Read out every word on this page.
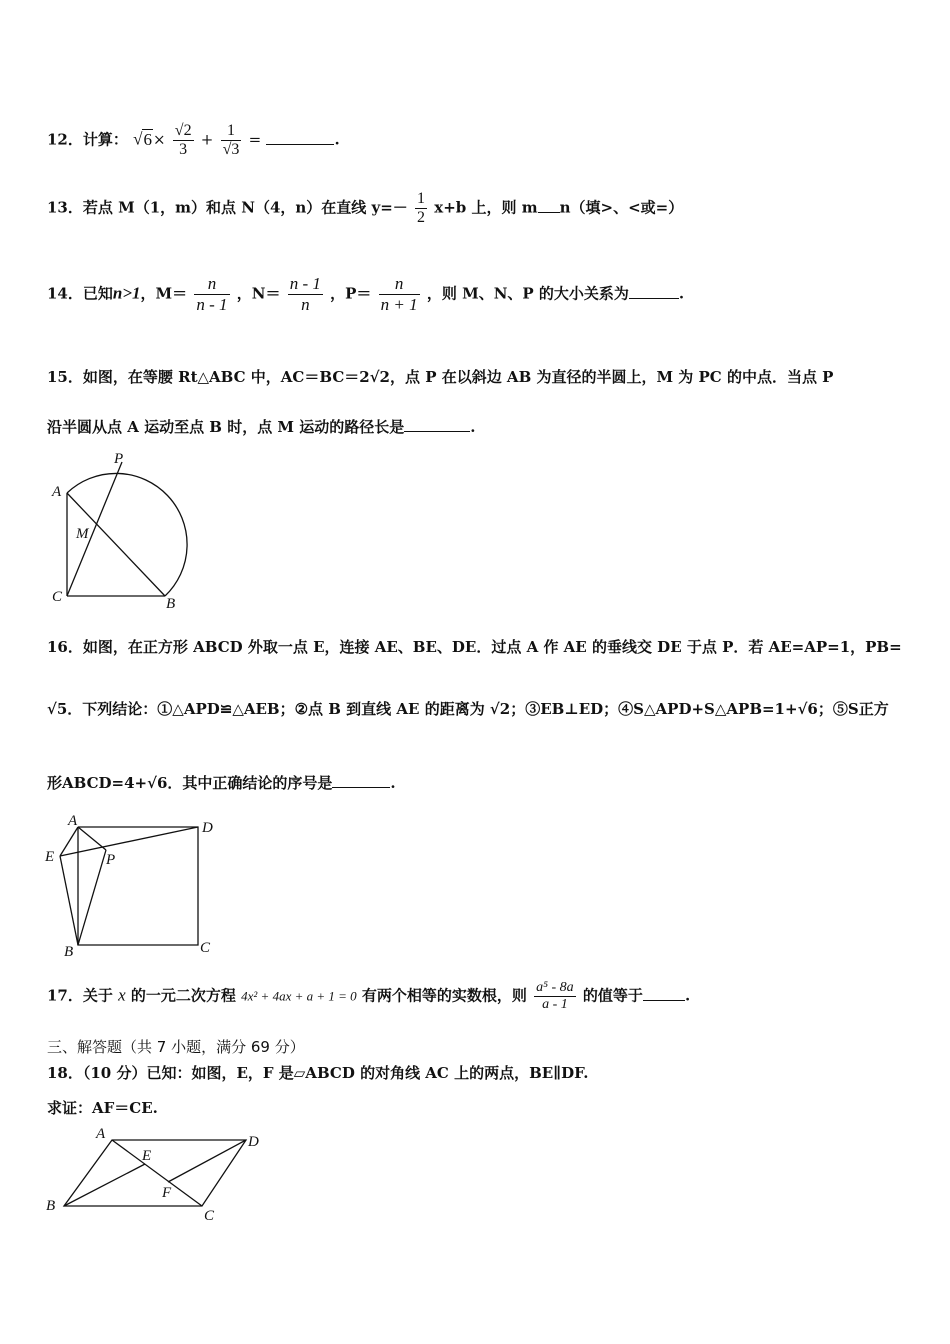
12．计算： $√6\times \frac{√2}{3} + \frac{1}{√3}$ =	.
13．若点 M（1，m）和点 N（4，n）在直线 $y=- \frac{1}{2} x+b$ 上，则 m n（填>、<或=）
14．已知n>1，$M= \frac{n}{n - 1}$ ，$N= \frac{n - 1}{n}$ ，$P= \frac{n}{n + 1}$ ，则 M、N、P 的大小关系为	.
15．如图，在等腰 Rt△ABC 中，AC＝BC＝2√2，点 P 在以斜边 AB 为直径的半圆上，M 为 PC 的中点．当点 P
沿半圆从点 A 运动至点 B 时，点 M 运动的路径长是	.
P
A
M
C	B
16．如图，在正方形 ABCD 外取一点 E，连接 AE、BE、DE．过点 A 作 AE 的垂线交 DE 于点 P．若 AE=AP=1，PB=
√5．下列结论：①△APD≌△AEB；②点 B 到直线 AE 的距离为 √2；③EB⊥ED；④S△APD+S△APB=1+√6；⑤S正方
形ABCD=4+√6．其中正确结论的序号是	.
A	D
E	P
B	C
17．关于 x 的一元二次方程 4x² + 4ax + a + 1 = 0 有两个相等的实数根，则 $\frac{\text{a⁵ - 8a}}{a - 1}$ 的值等于	.
三、解答题（共 7 小题，满分 69 分）
18．（10 分）已知：如图，E，F 是▱ABCD 的对角线 AC 上的两点，BE∥DF.
求证：AF＝CE.
A
E
D
F
B
C
